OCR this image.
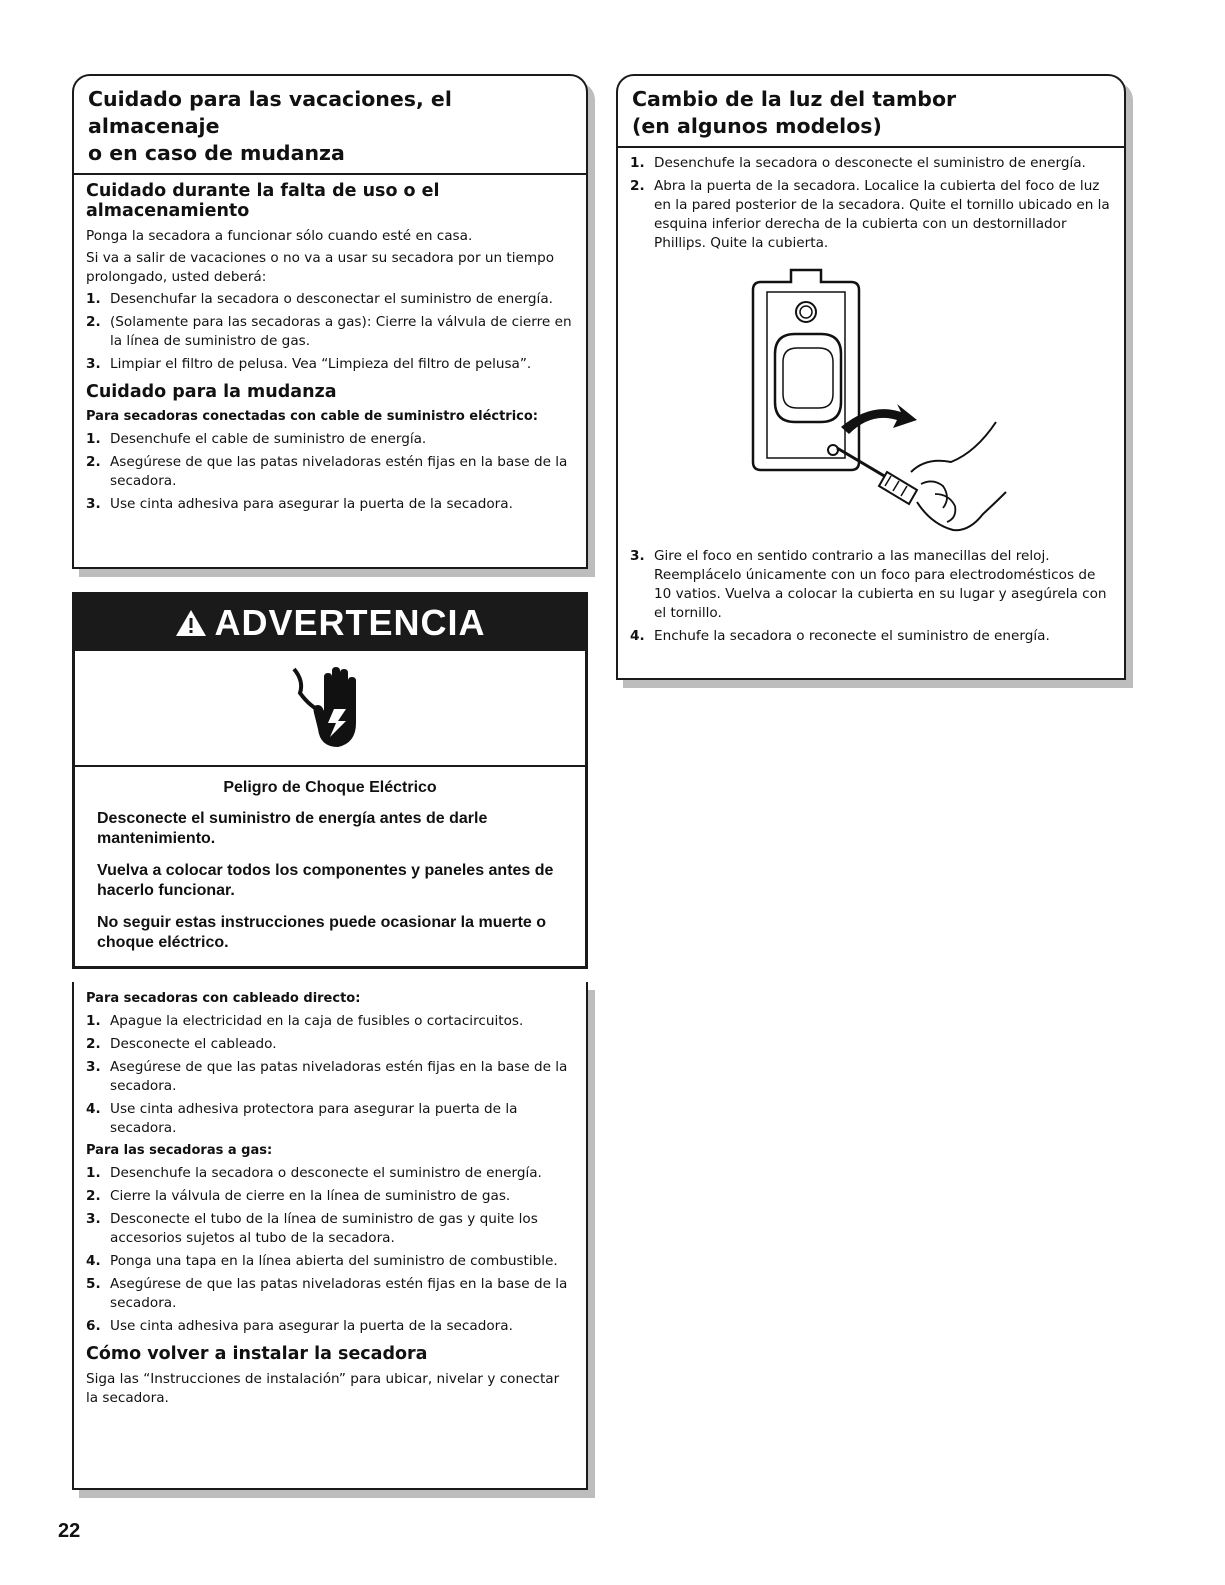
Cuidado para las vacaciones, el almacenaje
o en caso de mudanza
Cuidado durante la falta de uso o el almacenamiento
Ponga la secadora a funcionar sólo cuando esté en casa.
Si va a salir de vacaciones o no va a usar su secadora por un tiempo prolongado, usted deberá:
1. Desenchufar la secadora o desconectar el suministro de energía.
2. (Solamente para las secadoras a gas): Cierre la válvula de cierre en la línea de suministro de gas.
3. Limpiar el filtro de pelusa. Vea “Limpieza del filtro de pelusa”.
Cuidado para la mudanza
Para secadoras conectadas con cable de suministro eléctrico:
1. Desenchufe el cable de suministro de energía.
2. Asegúrese de que las patas niveladoras estén fijas en la base de la secadora.
3. Use cinta adhesiva para asegurar la puerta de la secadora.
ADVERTENCIA
Peligro de Choque Eléctrico
Desconecte el suministro de energía antes de darle mantenimiento.
Vuelva a colocar todos los componentes y paneles antes de hacerlo funcionar.
No seguir estas instrucciones puede ocasionar la muerte o choque eléctrico.
Para secadoras con cableado directo:
1. Apague la electricidad en la caja de fusibles o cortacircuitos.
2. Desconecte el cableado.
3. Asegúrese de que las patas niveladoras estén fijas en la base de la secadora.
4. Use cinta adhesiva protectora para asegurar la puerta de la secadora.
Para las secadoras a gas:
1. Desenchufe la secadora o desconecte el suministro de energía.
2. Cierre la válvula de cierre en la línea de suministro de gas.
3. Desconecte el tubo de la línea de suministro de gas y quite los accesorios sujetos al tubo de la secadora.
4. Ponga una tapa en la línea abierta del suministro de combustible.
5. Asegúrese de que las patas niveladoras estén fijas en la base de la secadora.
6. Use cinta adhesiva para asegurar la puerta de la secadora.
Cómo volver a instalar la secadora
Siga las “Instrucciones de instalación” para ubicar, nivelar y conectar la secadora.
Cambio de la luz del tambor
(en algunos modelos)
1. Desenchufe la secadora o desconecte el suministro de energía.
2. Abra la puerta de la secadora. Localice la cubierta del foco de luz en la pared posterior de la secadora. Quite el tornillo ubicado en la esquina inferior derecha de la cubierta con un destornillador Phillips. Quite la cubierta.
3. Gire el foco en sentido contrario a las manecillas del reloj. Reemplácelo únicamente con un foco para electrodomésticos de 10 vatios. Vuelva a colocar la cubierta en su lugar y asegúrela con el tornillo.
4. Enchufe la secadora o reconecte el suministro de energía.
22
